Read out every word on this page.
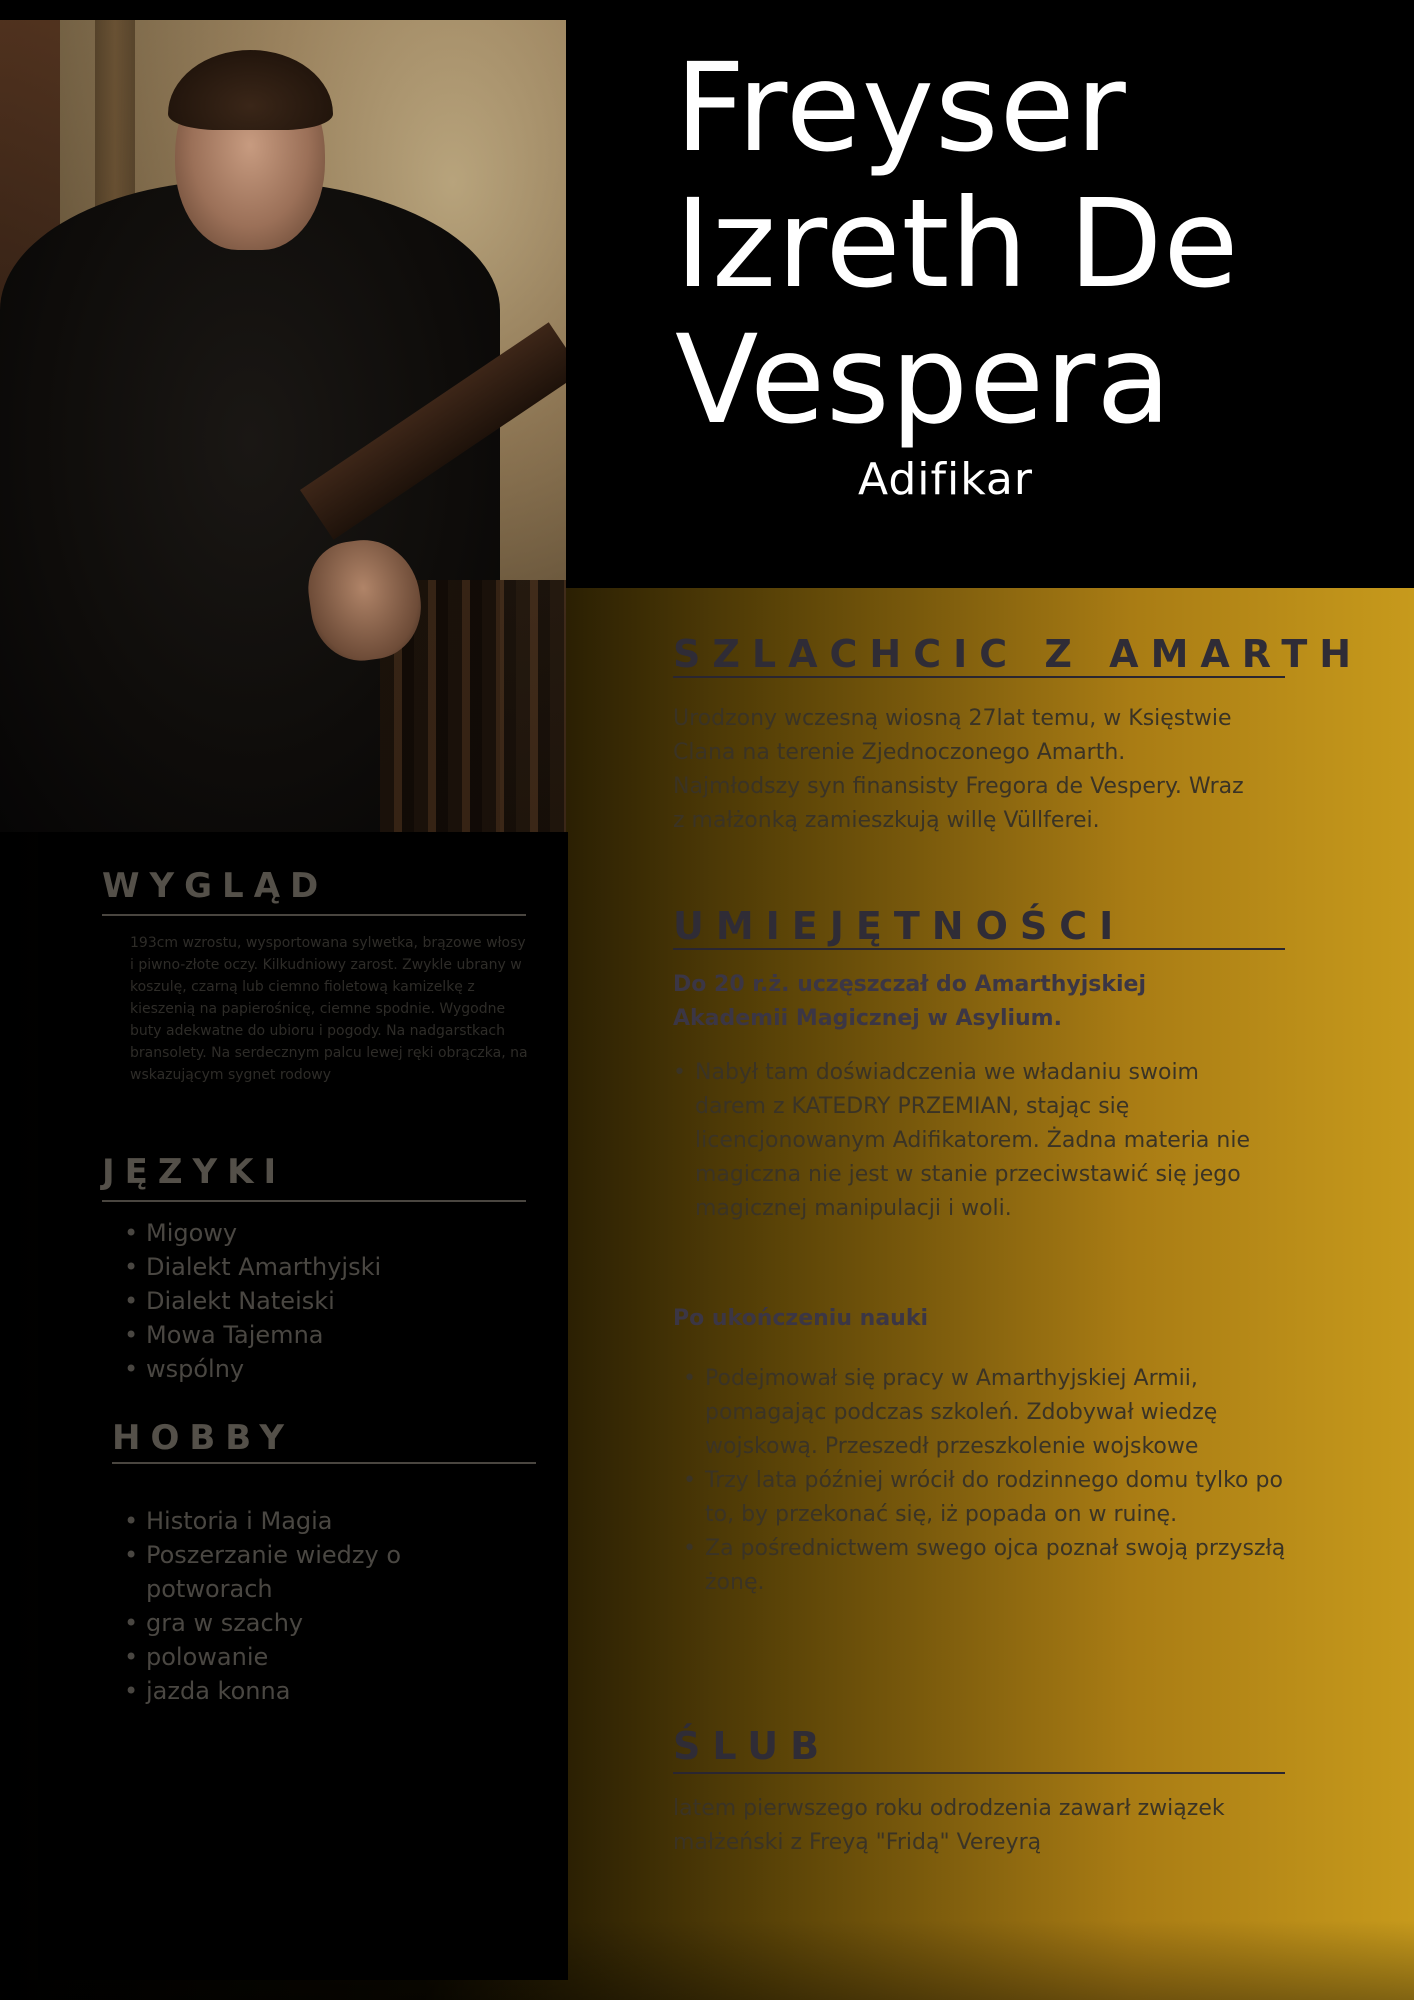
Freyser
Izreth De
Vespera
Adifikar
SZLACHCIC Z AMARTH

Urodzony wczesną wiosną 27lat temu, w Księstwie Clana na terenie Zjednoczonego Amarth. Najmłodszy syn finansisty Fregora de Vespery. Wraz z małżonką zamieszkują willę Vüllferei.

UMIEJĘTNOŚCI

Do 20 r.ż. uczęszczał do Amarthyjskiej Akademii Magicznej w Asylium.

• Nabył tam doświadczenia we władaniu swoim darem z KATEDRY PRZEMIAN, stając się licencjonowanym Adifikatorem. Żadna materia nie magiczna nie jest w stanie przeciwstawić się jego magicznej manipulacji i woli.

Po ukończeniu nauki

• Podejmował się pracy w Amarthyjskiej Armii, pomagając podczas szkoleń. Zdobywał wiedzę wojskową. Przeszedł przeszkolenie wojskowe
• Trzy lata później wrócił do rodzinnego domu tylko po to, by przekonać się, iż popada on w ruinę.
• Za pośrednictwem swego ojca poznał swoją przyszłą żonę.
ŚLUB

latem pierwszego roku odrodzenia zawarł związek małżeński z Freyą "Fridą" Vereyrą

WYGLĄD

193cm wzrostu, wysportowana sylwetka, brązowe włosy i piwno-złote oczy. Kilkudniowy zarost. Zwykle ubrany w koszulę, czarną lub ciemno fioletową kamizelkę z kieszenią na papierośnicę, ciemne spodnie. Wygodne buty adekwatne do ubioru i pogody. Na nadgarstkach bransolety. Na serdecznym palcu lewej ręki obrączka, na wskazującym sygnet rodowy

JĘZYKI
• Migowy
• Dialekt Amarthyjski
• Dialekt Nateiski
• Mowa Tajemna
• wspólny
HOBBY
• Historia i Magia
• Poszerzanie wiedzy o potworach
• gra w szachy
• polowanie
• jazda konna
